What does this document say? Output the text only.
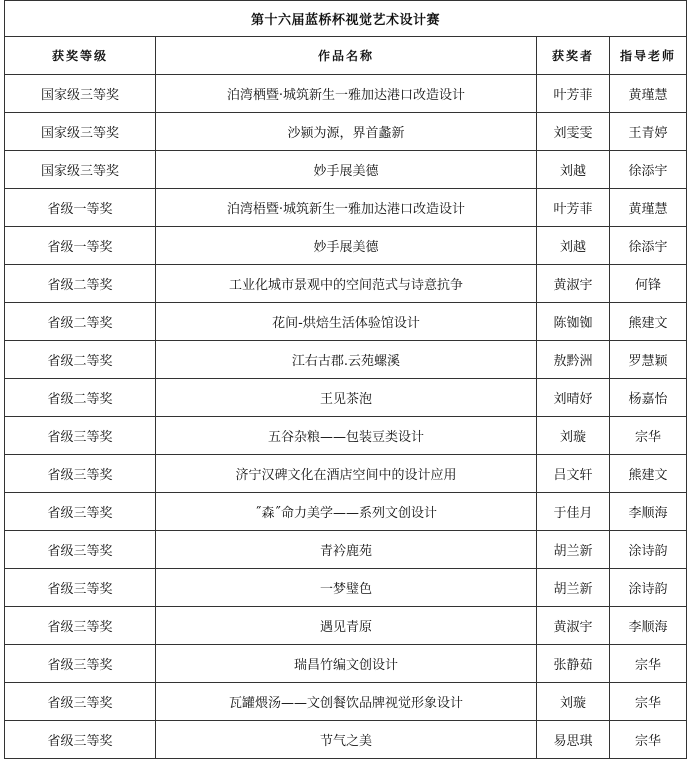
第十六届蓝桥杯视觉艺术设计赛			
获奖等级	作品名称	获奖者	指导老师
国家级三等奖	泊湾栖暨·城筑新生一雅加达港口改造设计	叶芳菲	黄瑾慧
国家级三等奖	沙颍为源，界首蠡新	刘雯雯	王青婷
国家级三等奖	妙手展美德	刘越	徐添宇
省级一等奖	泊湾梧暨·城筑新生一雅加达港口改造设计	叶芳菲	黄瑾慧
省级一等奖	妙手展美德	刘越	徐添宇
省级二等奖	工业化城市景观中的空间范式与诗意抗争	黄淑宇	何锋
省级二等奖	花间-烘焙生活体验馆设计	陈铷铷	熊建文
省级二等奖	江右古郡.云苑螺溪	敖黔洲	罗慧颖
省级二等奖	王见茶泡	刘晴妤	杨嘉怡
省级三等奖	五谷杂粮——包装豆类设计	刘璇	宗华
省级三等奖	济宁汉碑文化在酒店空间中的设计应用	吕文轩	熊建文
省级三等奖	˝森˝命力美学——系列文创设计	于佳月	李顺海
省级三等奖	青衿鹿苑	胡兰新	涂诗韵
省级三等奖	一梦璧色	胡兰新	涂诗韵
省级三等奖	遇见青原	黄淑宇	李顺海
省级三等奖	瑞昌竹编文创设计	张静茹	宗华
省级三等奖	瓦罐煨汤——文创餐饮品牌视觉形象设计	刘璇	宗华
省级三等奖	节气之美	易思琪	宗华
